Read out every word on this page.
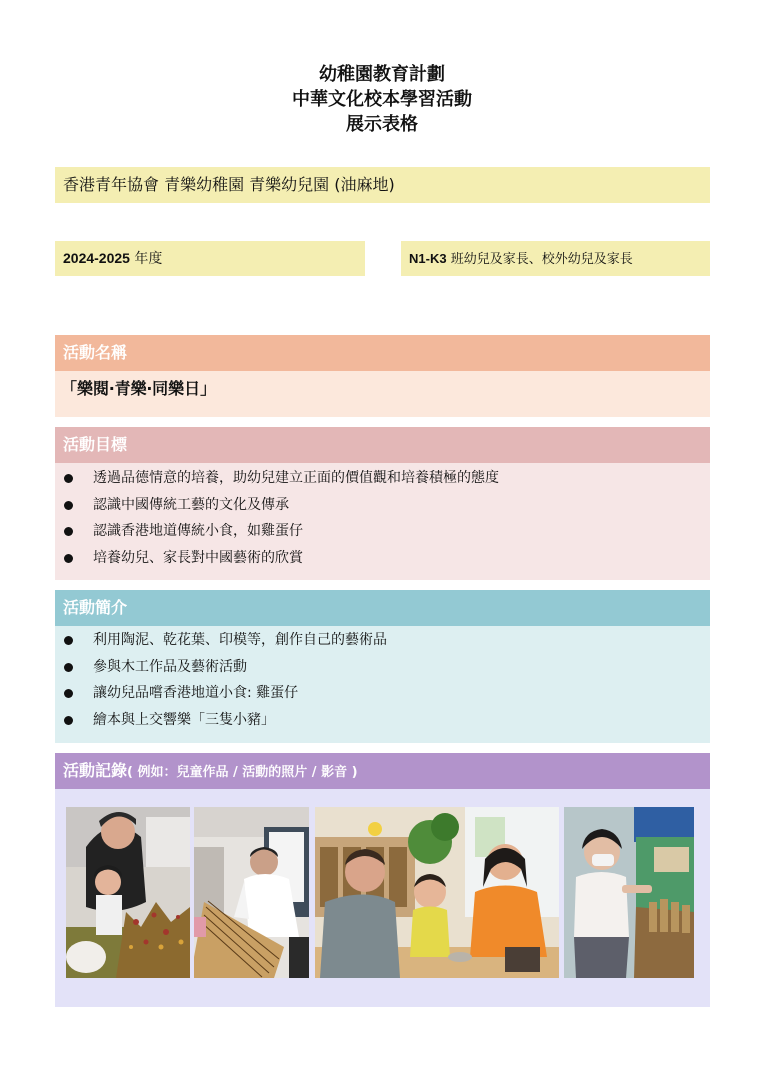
幼稚園教育計劃
中華文化校本學習活動
展示表格
香港青年協會 青樂幼稚園 青樂幼兒園 (油麻地)
2024-2025 年度	N1-K3 班幼兒及家長、校外幼兒及家長
活動名稱
「樂閱‧青樂‧同樂日」
活動目標
透過品德情意的培養，助幼兒建立正面的價值觀和培養積極的態度
認識中國傳統工藝的文化及傳承
認識香港地道傳統小食，如雞蛋仔
培養幼兒、家長對中國藝術的欣賞
活動簡介
利用陶泥、乾花葉、印模等，創作自己的藝術品
參與木工作品及藝術活動
讓幼兒品嚐香港地道小食: 雞蛋仔
繪本與上交響樂「三隻小豬」
活動記錄( 例如：兒童作品 / 活動的照片 / 影音 )
